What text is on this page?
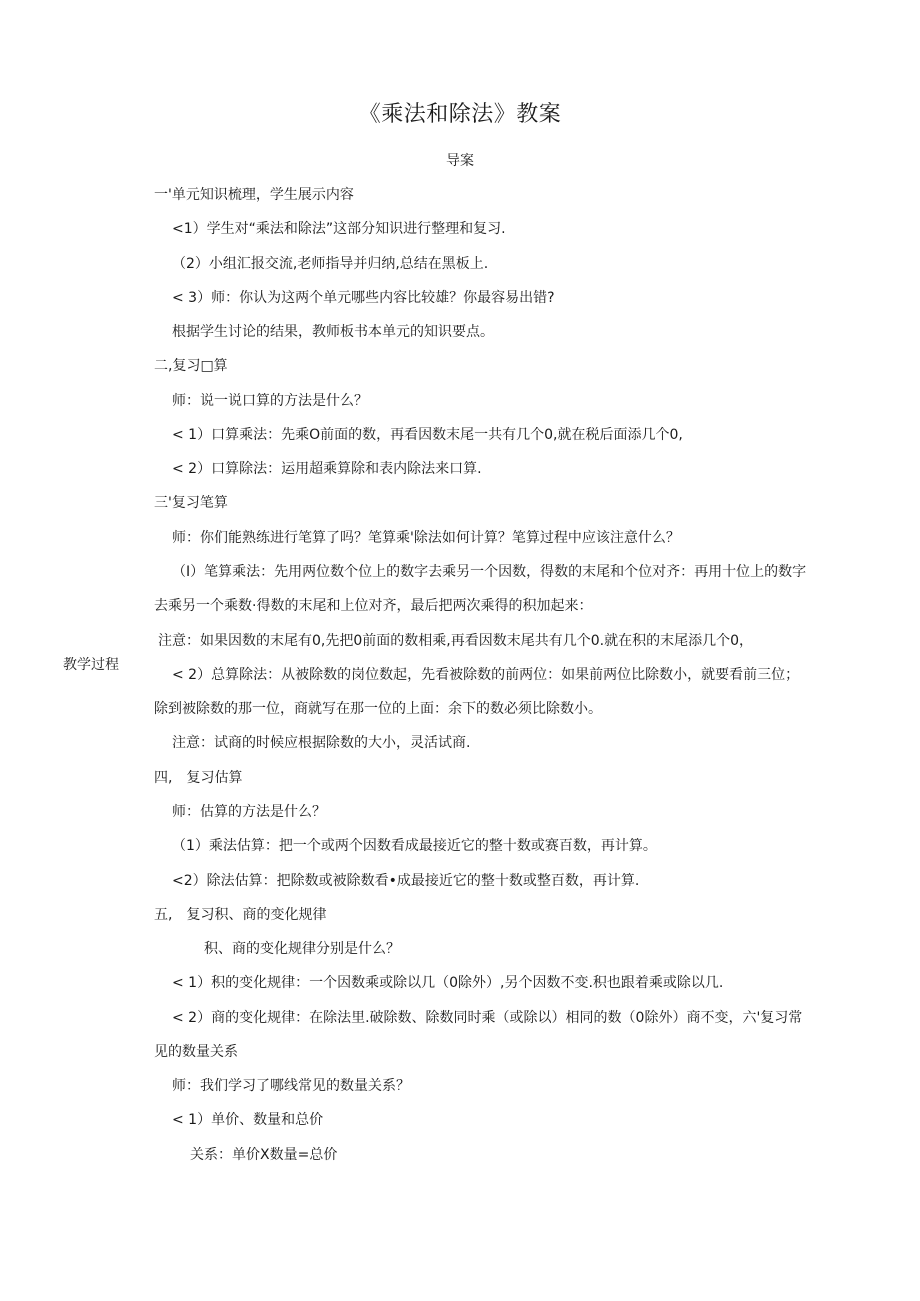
《乘法和除法》教案
导案
教学过程
一'单元知识梳理，学生展示内容
<1）学生对“乘法和除法”这部分知识进行整理和复习.
（2）小组汇报交流,老师指导并归纳,总结在黑板上.
< 3）师：你认为这两个单元哪些内容比较雄？你最容易出错?
根据学生讨论的结果，教师板书本单元的知识要点。
二,复习□算
师：说一说口算的方法是什么？
< 1）口算乘法：先乘O前面的数，再看因数末尾一共有几个0,就在税后面添几个0,
< 2）口算除法：运用超乘算除和表内除法来口算.
三'复习笔算
师：你们能熟练进行笔算了吗？笔算乘'除法如何计算？笔算过程中应该注意什么？
（I）笔算乘法：先用两位数个位上的数字去乘另一个因数，得数的末尾和个位对齐：再用十位上的数字
去乘另一个乘数·得数的末尾和上位对齐，最后把两次乘得的积加起来：
注意：如果因数的末尾有0,先把0前面的数相乘,再看因数末尾共有几个0.就在积的末尾添几个0，
< 2）总算除法：从被除数的岗位数起，先看被除数的前两位：如果前两位比除数小，就要看前三位；
除到被除数的那一位，商就写在那一位的上面：余下的数必须比除数小。
注意：试商的时候应根据除数的大小，灵活试商.
四,　复习估算
师：估算的方法是什么？
（1）乘法估算：把一个或两个因数看成最接近它的整十数或赛百数，再计算。
<2）除法估算：把除数或被除数看•成最接近它的整十数或整百数，再计算.
五,　复习积、商的变化规律
积、商的变化规律分别是什么？
< 1）积的变化规律：一个因数乘或除以几（0除外）,另个因数不变.积也跟着乘或除以几.
< 2）商的变化规律：在除法里.破除数、除数同时乘（或除以）相同的数（0除外）商不变，六'复习常
见的数量关系
师：我们学习了哪线常见的数量关系？
< 1）单价、数量和总价
关系：单价X数量=总价
